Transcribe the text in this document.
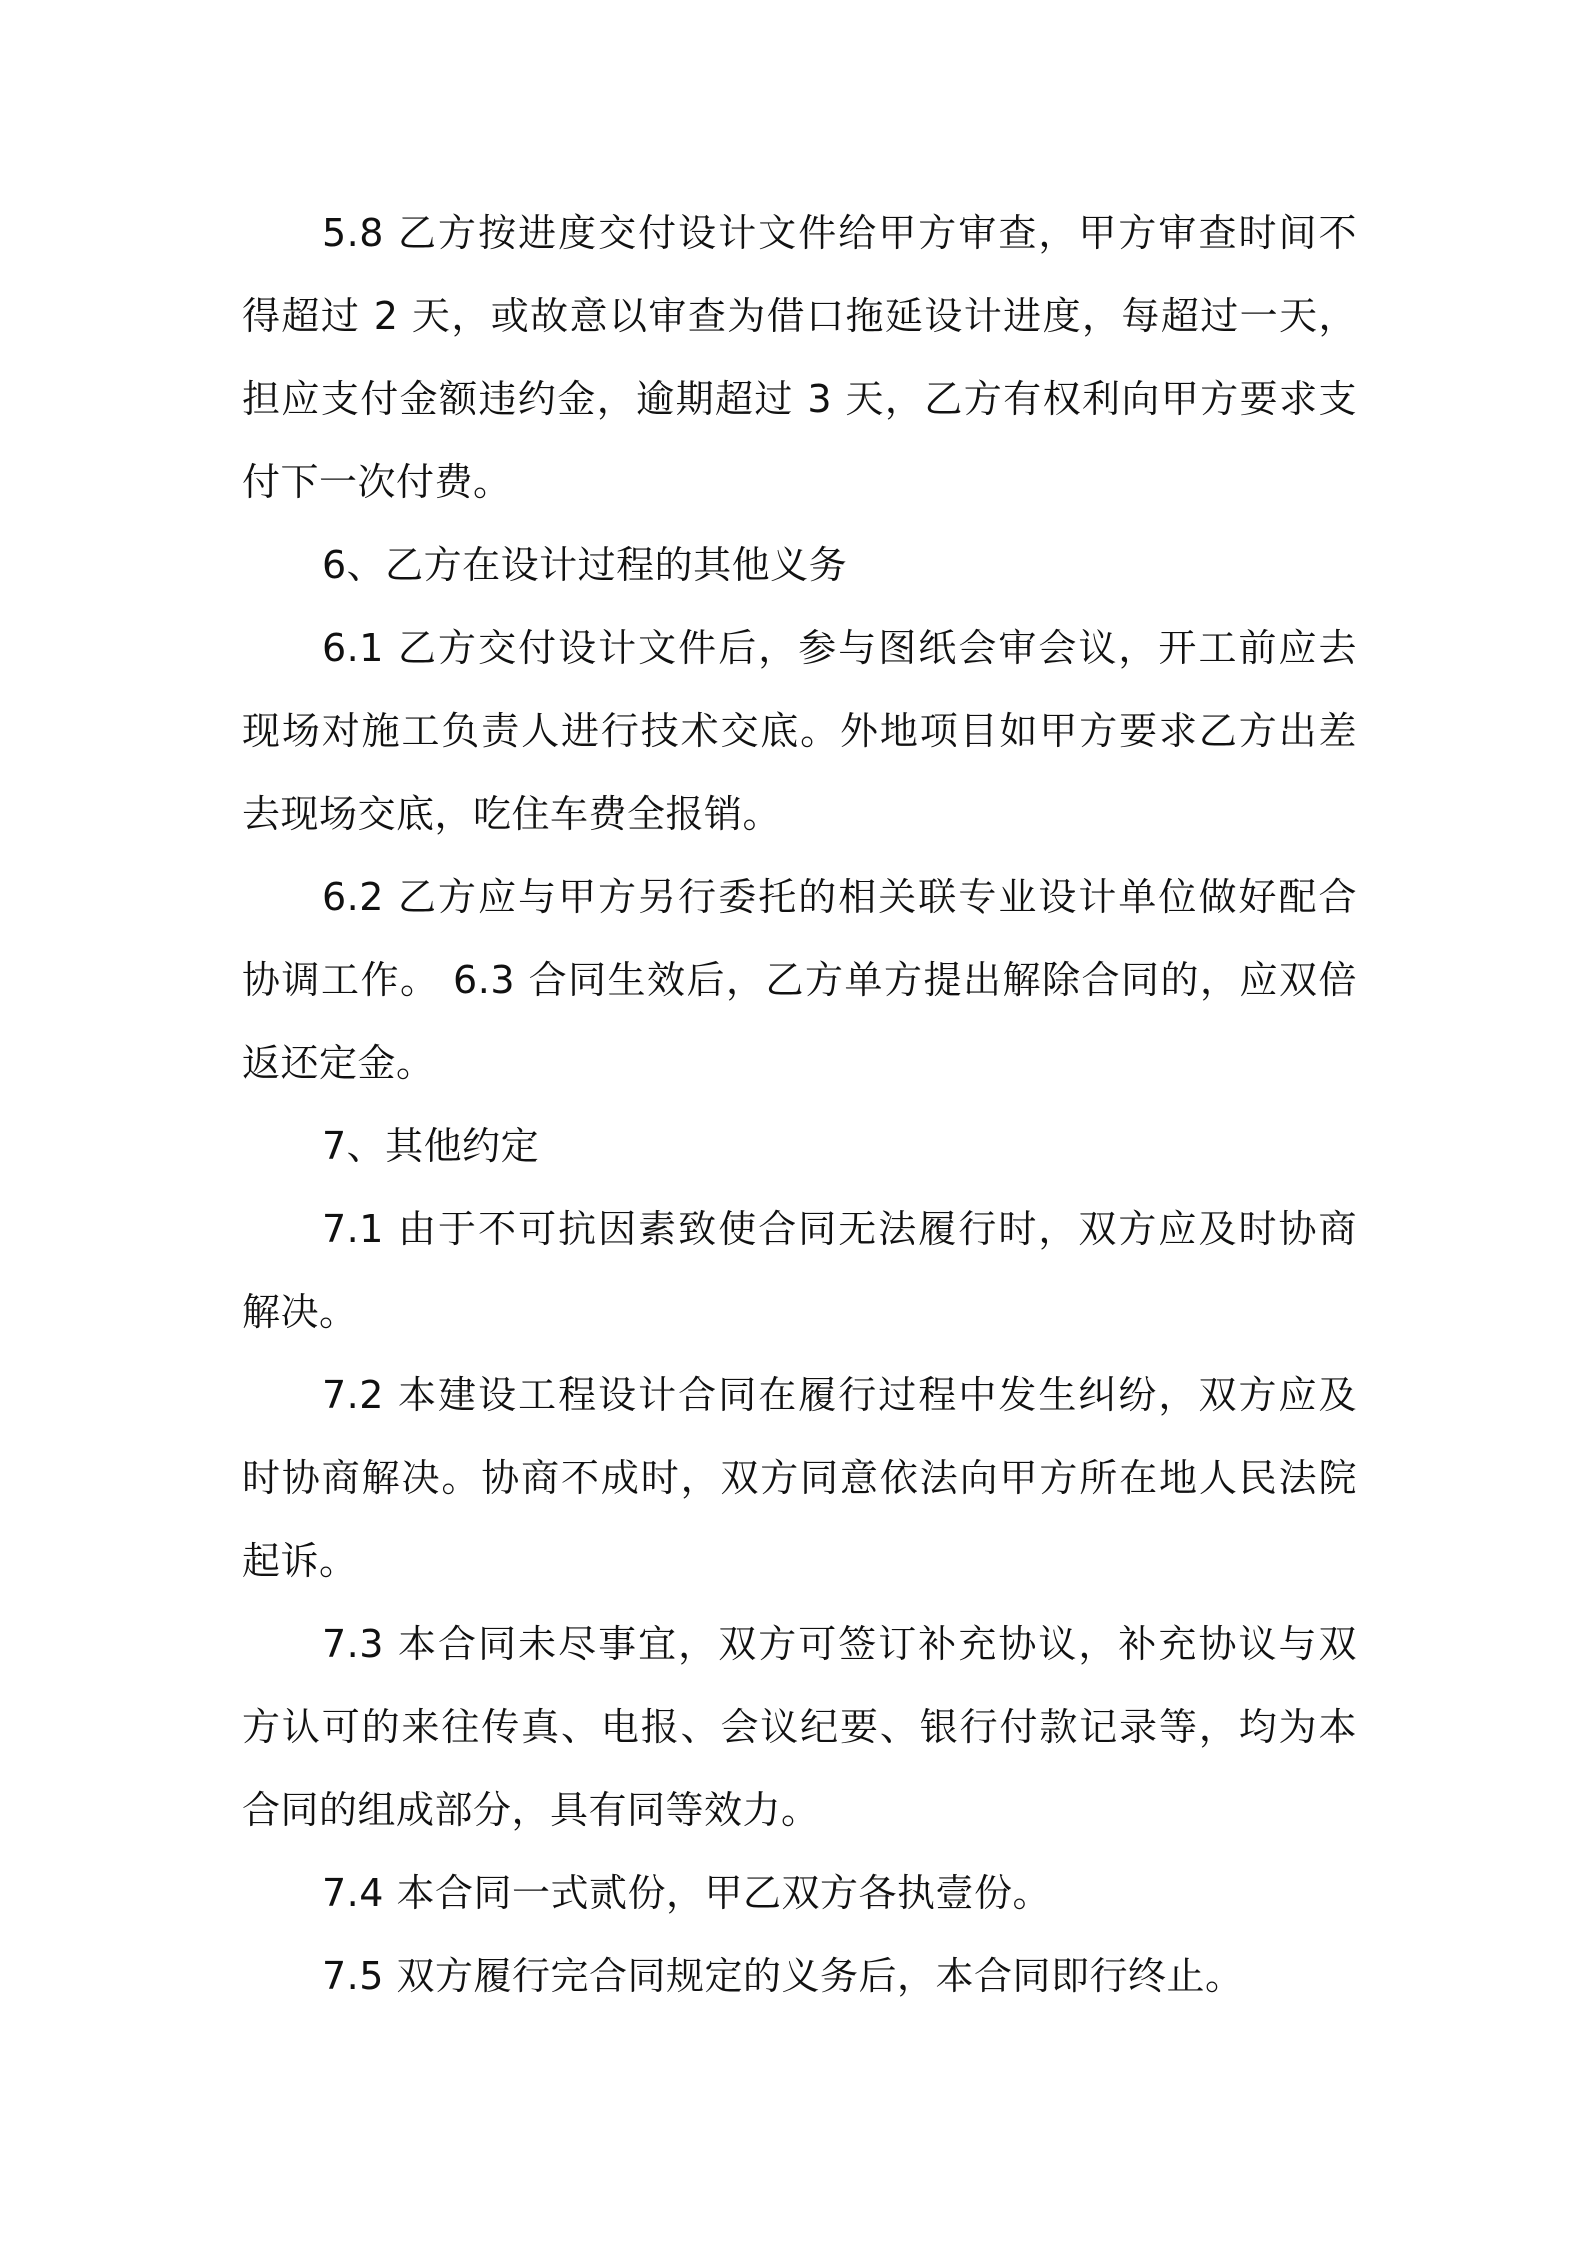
5.8 乙方按进度交付设计文件给甲方审查，甲方审查时间不得超过 2 天，或故意以审查为借口拖延设计进度，每超过一天，担应支付金额违约金，逾期超过 3 天，乙方有权利向甲方要求支付下一次付费。

6、乙方在设计过程的其他义务

6.1 乙方交付设计文件后，参与图纸会审会议，开工前应去现场对施工负责人进行技术交底。外地项目如甲方要求乙方出差去现场交底，吃住车费全报销。

6.2 乙方应与甲方另行委托的相关联专业设计单位做好配合协调工作。 6.3 合同生效后，乙方单方提出解除合同的，应双倍返还定金。

7、其他约定

7.1 由于不可抗因素致使合同无法履行时，双方应及时协商解决。

7.2 本建设工程设计合同在履行过程中发生纠纷，双方应及时协商解决。协商不成时，双方同意依法向甲方所在地人民法院起诉。

7.3 本合同未尽事宜，双方可签订补充协议，补充协议与双方认可的来往传真、电报、会议纪要、银行付款记录等，均为本合同的组成部分，具有同等效力。

7.4 本合同一式贰份，甲乙双方各执壹份。

7.5 双方履行完合同规定的义务后，本合同即行终止。
